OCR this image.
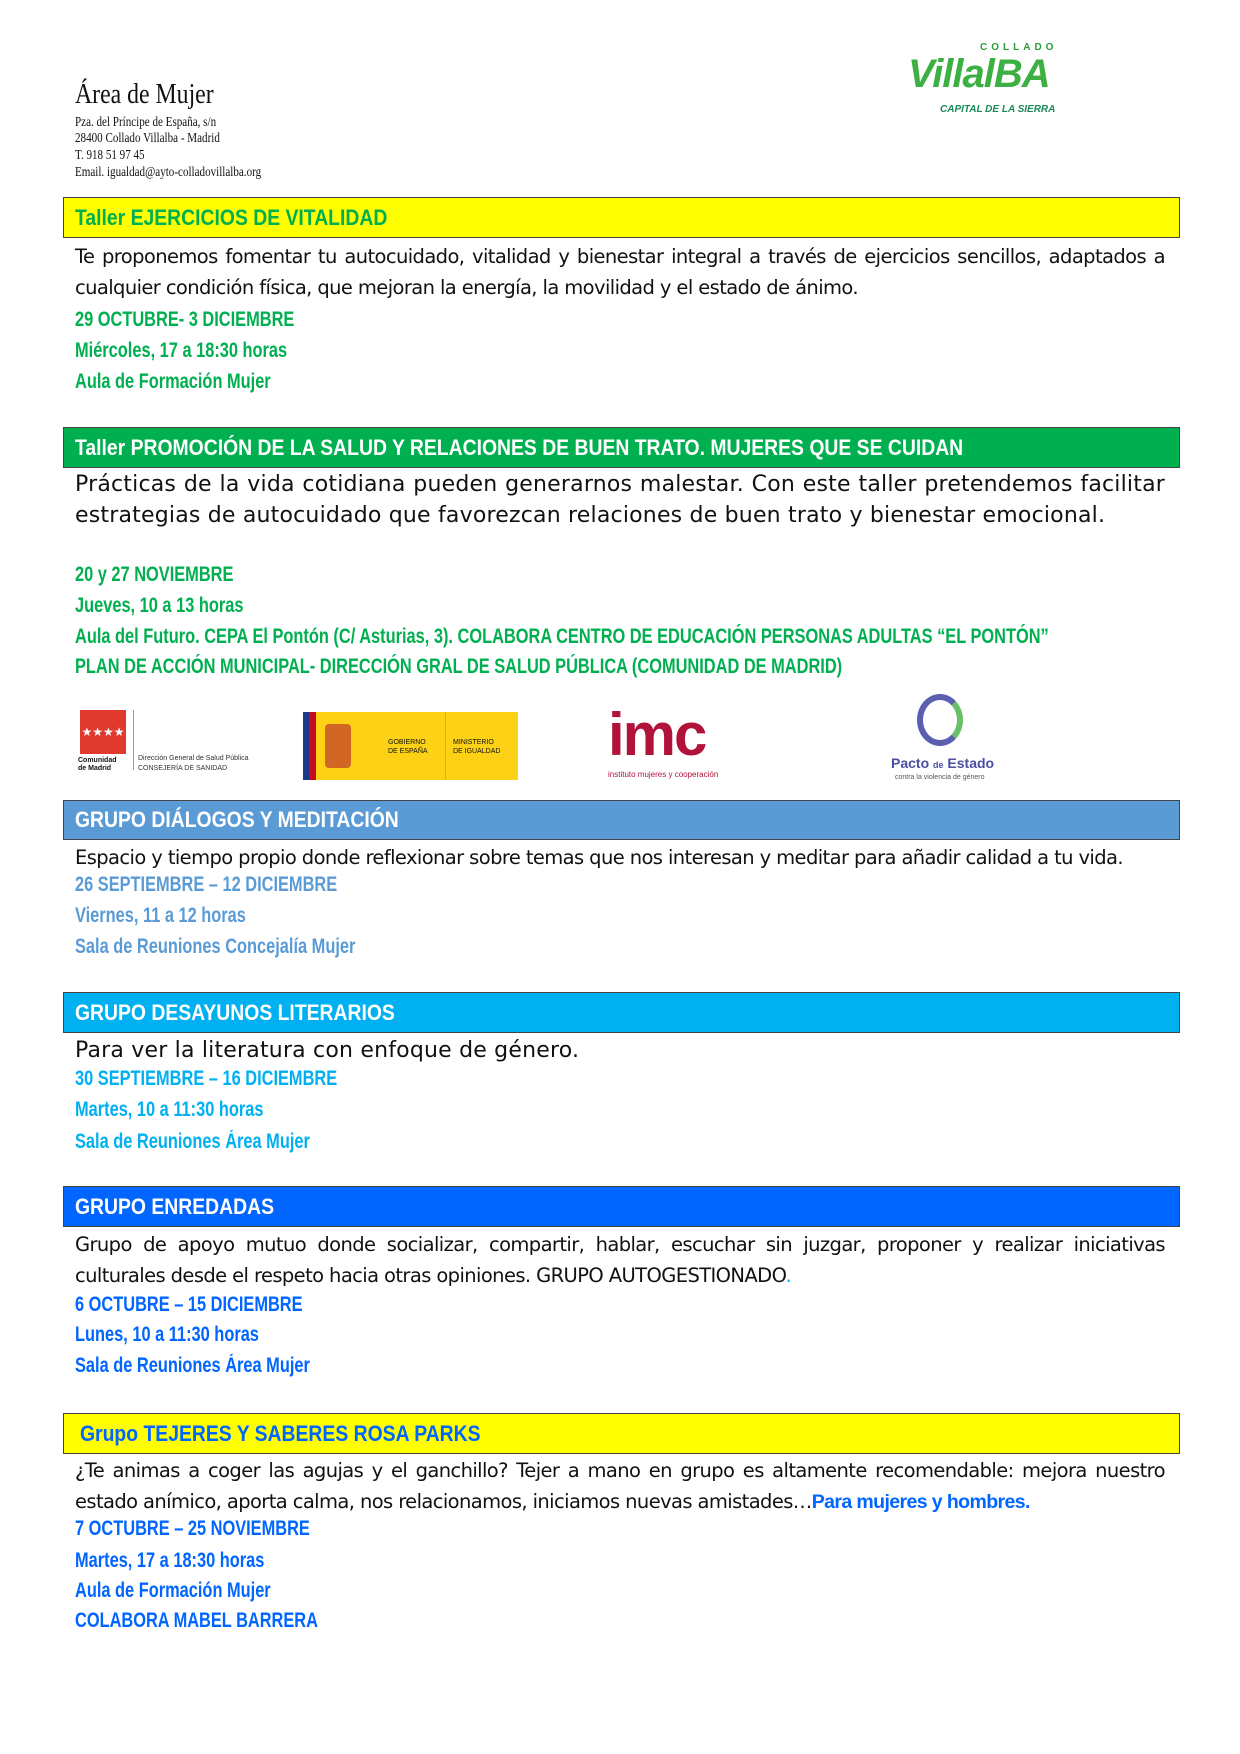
Área de Mujer
Pza. del Príncipe de España, s/n
28400 Collado Villalba - Madrid
T. 918 51 97 45
Email. igualdad@ayto-colladovillalba.org
COLLADO
VillalBA
CAPITAL DE LA SIERRA
Taller EJERCICIOS DE VITALIDAD
Te proponemos fomentar tu autocuidado, vitalidad y bienestar integral a través de ejercicios sencillos, adaptados a cualquier condición física, que mejoran la energía, la movilidad y el estado de ánimo.
29 OCTUBRE- 3 DICIEMBRE
Miércoles, 17 a 18:30 horas
Aula de Formación Mujer
Taller PROMOCIÓN DE LA SALUD Y RELACIONES DE BUEN TRATO. MUJERES QUE SE CUIDAN
Prácticas de la vida cotidiana pueden generarnos malestar. Con este taller pretendemos facilitar estrategias de autocuidado que favorezcan relaciones de buen trato y bienestar emocional.
20 y 27 NOVIEMBRE
Jueves, 10 a 13 horas
Aula del Futuro. CEPA El Pontón (C/ Asturias, 3). COLABORA CENTRO DE EDUCACIÓN PERSONAS ADULTAS “EL PONTÓN”
PLAN DE ACCIÓN MUNICIPAL- DIRECCIÓN GRAL DE SALUD PÚBLICA (COMUNIDAD DE MADRID)
★★★★
Comunidad
de Madrid
Dirección General de Salud Pública
CONSEJERÍA DE SANIDAD
GOBIERNO
DE ESPAÑA
MINISTERIO
DE IGUALDAD imc
instituto mujeres y cooperación
Pacto de Estado
contra la violencia de género
GRUPO DIÁLOGOS Y MEDITACIÓN
Espacio y tiempo propio donde reflexionar sobre temas que nos interesan y meditar para añadir calidad a tu vida.
26 SEPTIEMBRE – 12 DICIEMBRE
Viernes, 11 a 12 horas
Sala de Reuniones Concejalía Mujer
GRUPO DESAYUNOS LITERARIOS
Para ver la literatura con enfoque de género.
30 SEPTIEMBRE – 16 DICIEMBRE
Martes, 10 a 11:30 horas
Sala de Reuniones Área Mujer
GRUPO ENREDADAS
Grupo de apoyo mutuo donde socializar, compartir, hablar, escuchar sin juzgar, proponer y realizar iniciativas culturales desde el respeto hacia otras opiniones. GRUPO AUTOGESTIONADO.
6 OCTUBRE – 15 DICIEMBRE
Lunes, 10 a 11:30 horas
Sala de Reuniones Área Mujer
Grupo TEJERES Y SABERES ROSA PARKS
¿Te animas a coger las agujas y el ganchillo? Tejer a mano en grupo es altamente recomendable: mejora nuestro estado anímico, aporta calma, nos relacionamos, iniciamos nuevas amistades…Para mujeres y hombres.
7 OCTUBRE – 25 NOVIEMBRE
Martes, 17 a 18:30 horas
Aula de Formación Mujer
COLABORA MABEL BARRERA
